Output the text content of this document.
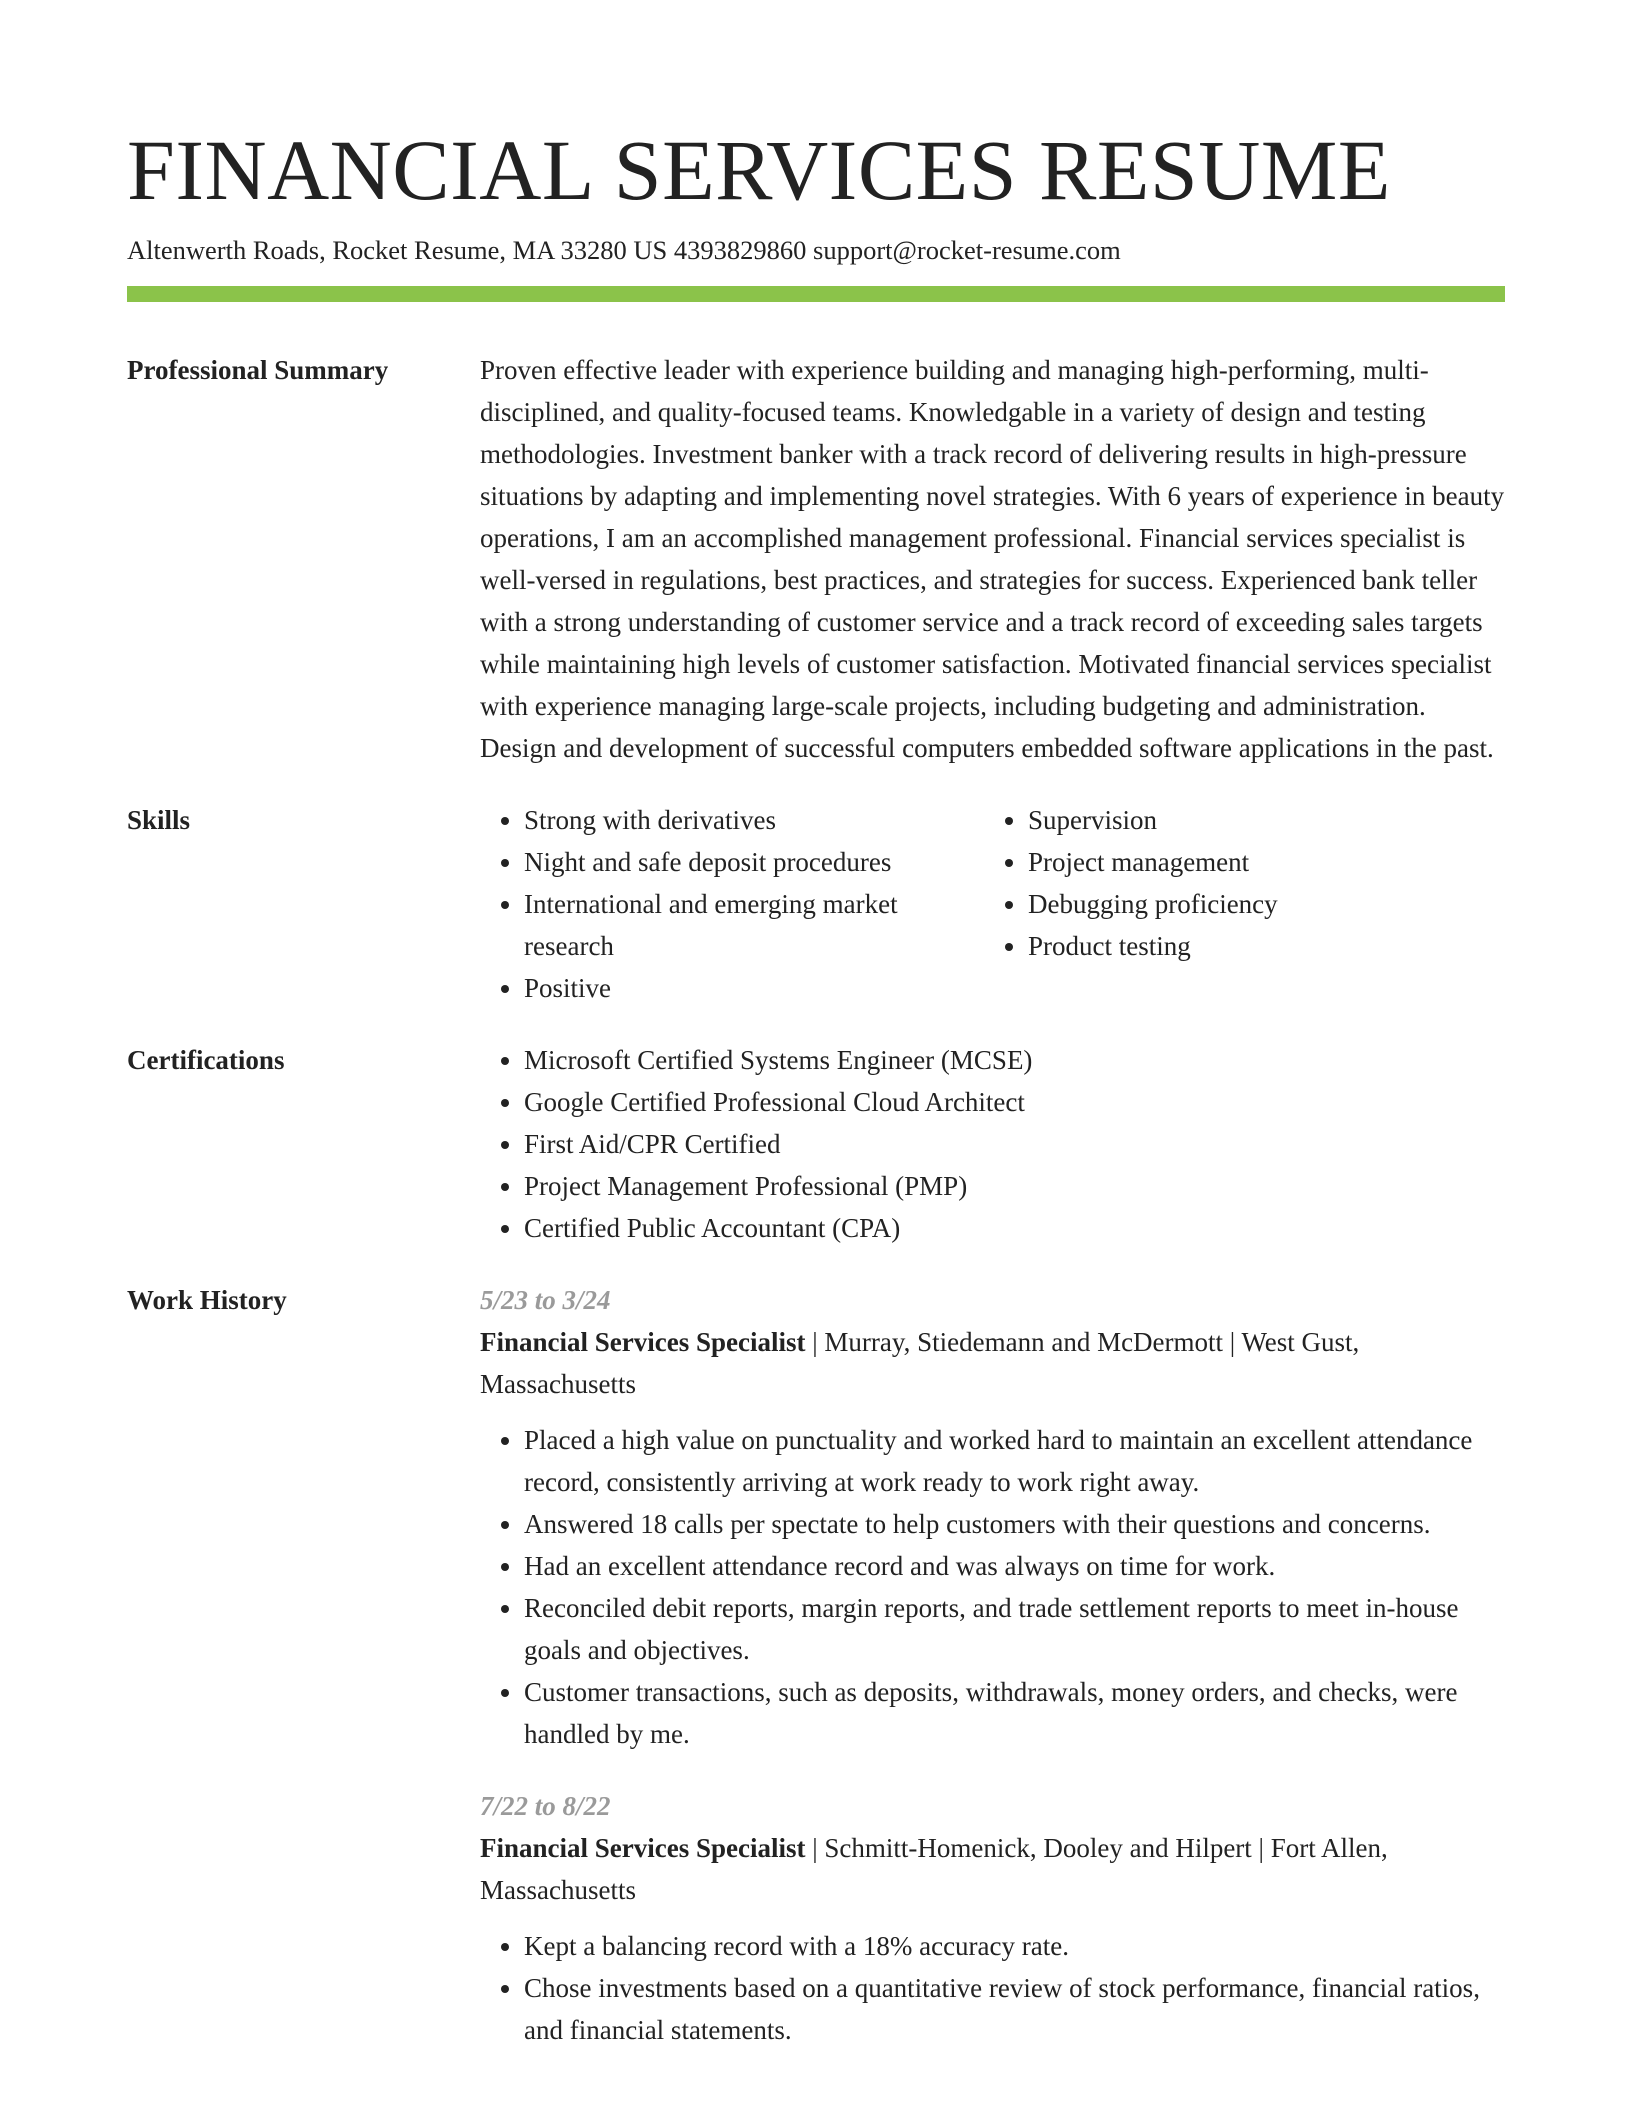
FINANCIAL SERVICES RESUME
Altenwerth Roads, Rocket Resume, MA 33280 US 4393829860 support@rocket-resume.com
Professional Summary	Proven effective leader with experience building and managing high-performing, multi-disciplined, and quality-focused teams. Knowledgable in a variety of design and testing methodologies. Investment banker with a track record of delivering results in high-pressure situations by adapting and implementing novel strategies. With 6 years of experience in beauty operations, I am an accomplished management professional. Financial services specialist is well-versed in regulations, best practices, and strategies for success. Experienced bank teller with a strong understanding of customer service and a track record of exceeding sales targets while maintaining high levels of customer satisfaction. Motivated financial services specialist with experience managing large-scale projects, including budgeting and administration. Design and development of successful computers embedded software applications in the past.

Skills	• Strong with derivatives
• Night and safe deposit procedures
• International and emerging market research
• Positive
• Supervision
• Project management
• Debugging proficiency
• Product testing
Certifications	• Microsoft Certified Systems Engineer (MCSE)
• Google Certified Professional Cloud Architect
• First Aid/CPR Certified
• Project Management Professional (PMP)
• Certified Public Accountant (CPA)
Work History	5/23 to 3/24
Financial Services Specialist | Murray, Stiedemann and McDermott | West Gust, Massachusetts
• Placed a high value on punctuality and worked hard to maintain an excellent attendance record, consistently arriving at work ready to work right away.
• Answered 18 calls per spectate to help customers with their questions and concerns.
• Had an excellent attendance record and was always on time for work.
• Reconciled debit reports, margin reports, and trade settlement reports to meet in-house goals and objectives.
• Customer transactions, such as deposits, withdrawals, money orders, and checks, were handled by me.
7/22 to 8/22
Financial Services Specialist | Schmitt-Homenick, Dooley and Hilpert | Fort Allen, Massachusetts
• Kept a balancing record with a 18% accuracy rate.
• Chose investments based on a quantitative review of stock performance, financial ratios, and financial statements.
